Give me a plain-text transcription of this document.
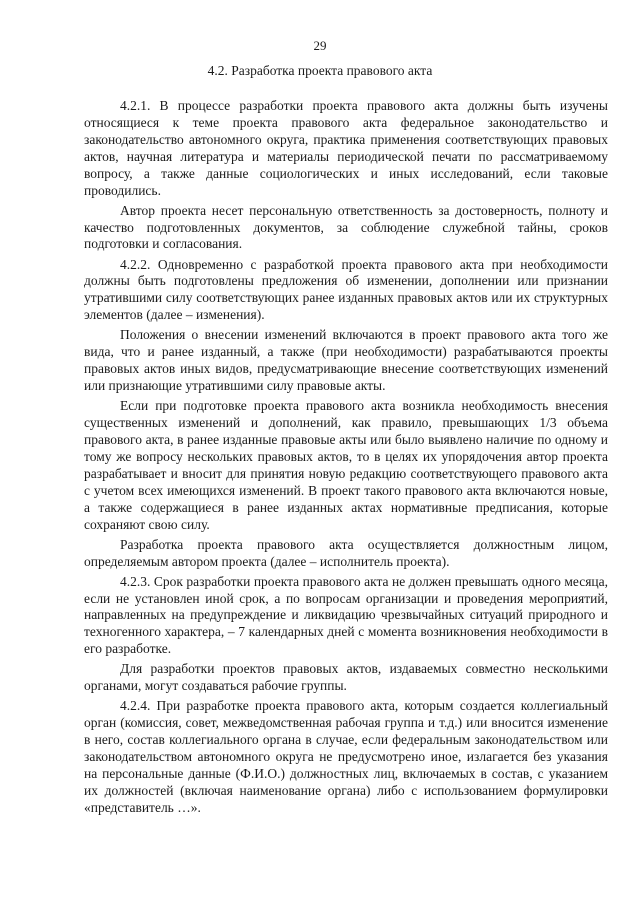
29
4.2. Разработка проекта правового акта

4.2.1. В процессе разработки проекта правового акта должны быть изучены относящиеся к теме проекта правового акта федеральное законодательство и законодательство автономного округа, практика применения соответствующих правовых актов, научная литература и материалы периодической печати по рассматриваемому вопросу, а также данные социологических и иных исследований, если таковые проводились.

Автор проекта несет персональную ответственность за достоверность, полноту и качество подготовленных документов, за соблюдение служебной тайны, сроков подготовки и согласования.

4.2.2. Одновременно с разработкой проекта правового акта при необходимости должны быть подготовлены предложения об изменении, дополнении или признании утратившими силу соответствующих ранее изданных правовых актов или их структурных элементов (далее – изменения).

Положения о внесении изменений включаются в проект правового акта того же вида, что и ранее изданный, а также (при необходимости) разрабатываются проекты правовых актов иных видов, предусматривающие внесение соответствующих изменений или признающие утратившими силу правовые акты.

Если при подготовке проекта правового акта возникла необходимость внесения существенных изменений и дополнений, как правило, превышающих 1/3 объема правового акта, в ранее изданные правовые акты или было выявлено наличие по одному и тому же вопросу нескольких правовых актов, то в целях их упорядочения автор проекта разрабатывает и вносит для принятия новую редакцию соответствующего правового акта с учетом всех имеющихся изменений. В проект такого правового акта включаются новые, а также содержащиеся в ранее изданных актах нормативные предписания, которые сохраняют свою силу.

Разработка проекта правового акта осуществляется должностным лицом, определяемым автором проекта (далее – исполнитель проекта).

4.2.3. Срок разработки проекта правового акта не должен превышать одного месяца, если не установлен иной срок, а по вопросам организации и проведения мероприятий, направленных на предупреждение и ликвидацию чрезвычайных ситуаций природного и техногенного характера, – 7 календарных дней с момента возникновения необходимости в его разработке.

Для разработки проектов правовых актов, издаваемых совместно несколькими органами, могут создаваться рабочие группы.

4.2.4. При разработке проекта правового акта, которым создается коллегиальный орган (комиссия, совет, межведомственная рабочая группа и т.д.) или вносится изменение в него, состав коллегиального органа в случае, если федеральным законодательством или законодательством автономного округа не предусмотрено иное, излагается без указания на персональные данные (Ф.И.О.) должностных лиц, включаемых в состав, с указанием их должностей (включая наименование органа) либо с использованием формулировки «представитель …».
